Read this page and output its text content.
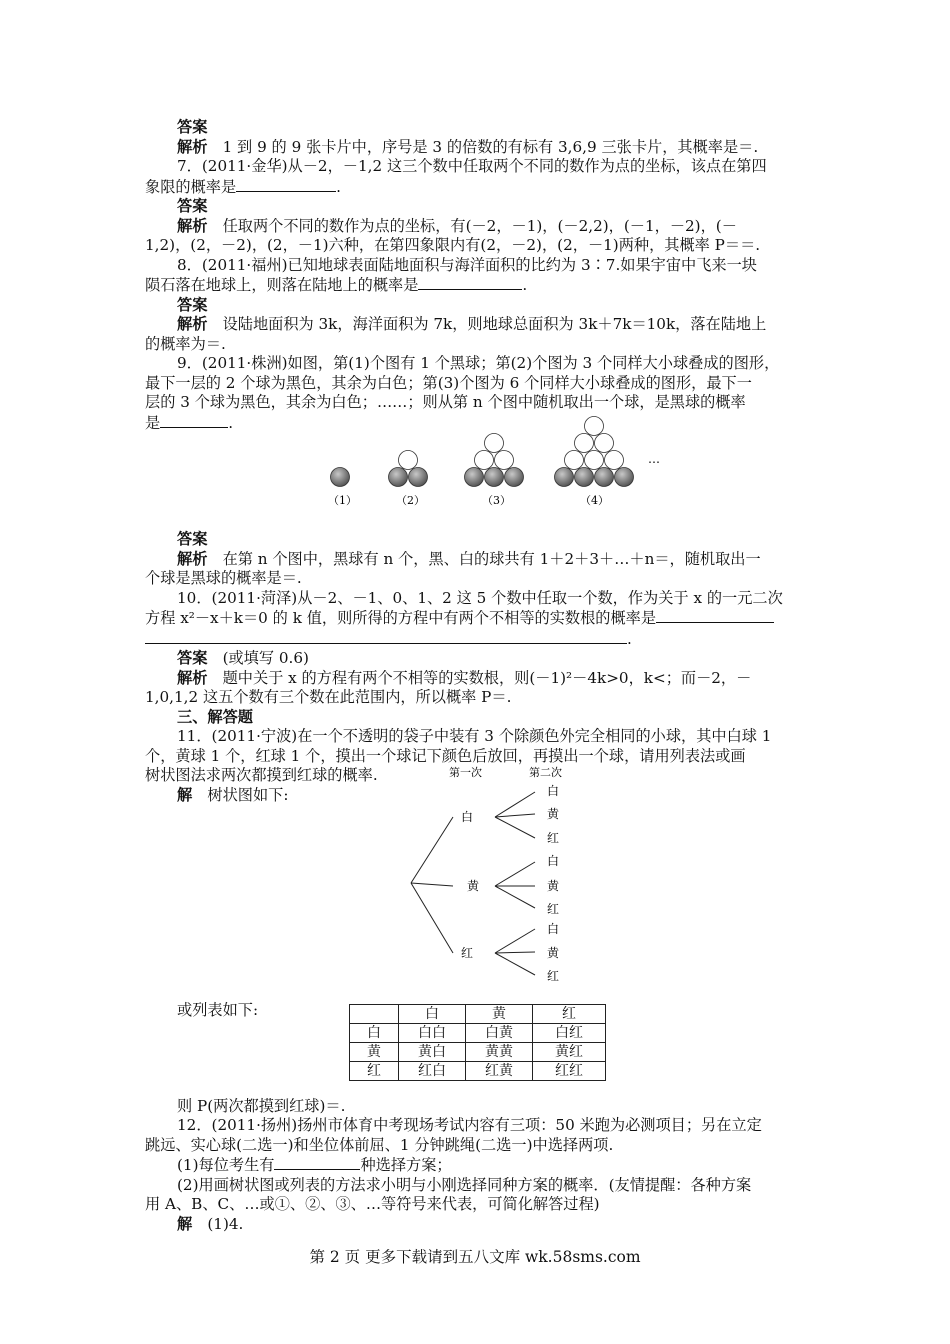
答案
解析　1 到 9 的 9 张卡片中，序号是 3 的倍数的有标有 3,6,9 三张卡片，其概率是＝.
7．(2011·金华)从－2，－1,2 这三个数中任取两个不同的数作为点的坐标，该点在第四
象限的概率是	.
答案
解析　任取两个不同的数作为点的坐标，有(－2，－1)，(－2,2)，(－1，－2)，(－
1,2)，(2，－2)，(2，－1)六种，在第四象限内有(2，－2)，(2，－1)两种，其概率 P＝＝.
8．(2011·福州)已知地球表面陆地面积与海洋面积的比约为 3∶7.如果宇宙中飞来一块
陨石落在地球上，则落在陆地上的概率是	.
答案
解析　设陆地面积为 3k，海洋面积为 7k，则地球总面积为 3k＋7k＝10k，落在陆地上
的概率为＝.
9．(2011·株洲)如图，第(1)个图有 1 个黑球；第(2)个图为 3 个同样大小球叠成的图形，
最下一层的 2 个球为黑色，其余为白色；第(3)个图为 6 个同样大小球叠成的图形，最下一
层的 3 个球为黑色，其余为白色；……；则从第 n 个图中随机取出一个球，是黑球的概率
是	.
答案
解析　在第 n 个图中，黑球有 n 个，黑、白的球共有 1＋2＋3＋…＋n＝，随机取出一
个球是黑球的概率是＝.
10．(2011·菏泽)从－2、－1、0、1、2 这 5 个数中任取一个数，作为关于 x 的一元二次
方程 x²－x＋k＝0 的 k 值，则所得的方程中有两个不相等的实数根的概率是
.
答案　(或填写 0.6)
解析　题中关于 x 的方程有两个不相等的实数根，则(－1)²－4k>0，k<；而－2，－
1,0,1,2 这五个数有三个数在此范围内，所以概率 P＝.
三、解答题
11．(2011·宁波)在一个不透明的袋子中装有 3 个除颜色外完全相同的小球，其中白球 1
个，黄球 1 个，红球 1 个，摸出一个球记下颜色后放回，再摸出一个球，请用列表法或画
树状图法求两次都摸到红球的概率.
解　树状图如下:
或列表如下:
则 P(两次都摸到红球)＝.
12．(2011·扬州)扬州市体育中考现场考试内容有三项：50 米跑为必测项目；另在立定
跳远、实心球(二选一)和坐位体前屈、1 分钟跳绳(二选一)中选择两项.
(1)每位考生有	种选择方案；
(2)用画树状图或列表的方法求小明与小刚选择同种方案的概率．(友情提醒：各种方案
用 A、B、C、…或①、②、③、…等符号来代表，可简化解答过程)
解　(1)4.
…
（1）	（2）	（3）	（4）
第一次	第二次
白
黄
红
白
黄
红
白
黄
红
白
黄
红
	白	黄	红
白	白白	白黄	白红
黄	黄白	黄黄	黄红
红	红白	红黄	红红
第 2 页 更多下载请到五八文库 wk.58sms.com
